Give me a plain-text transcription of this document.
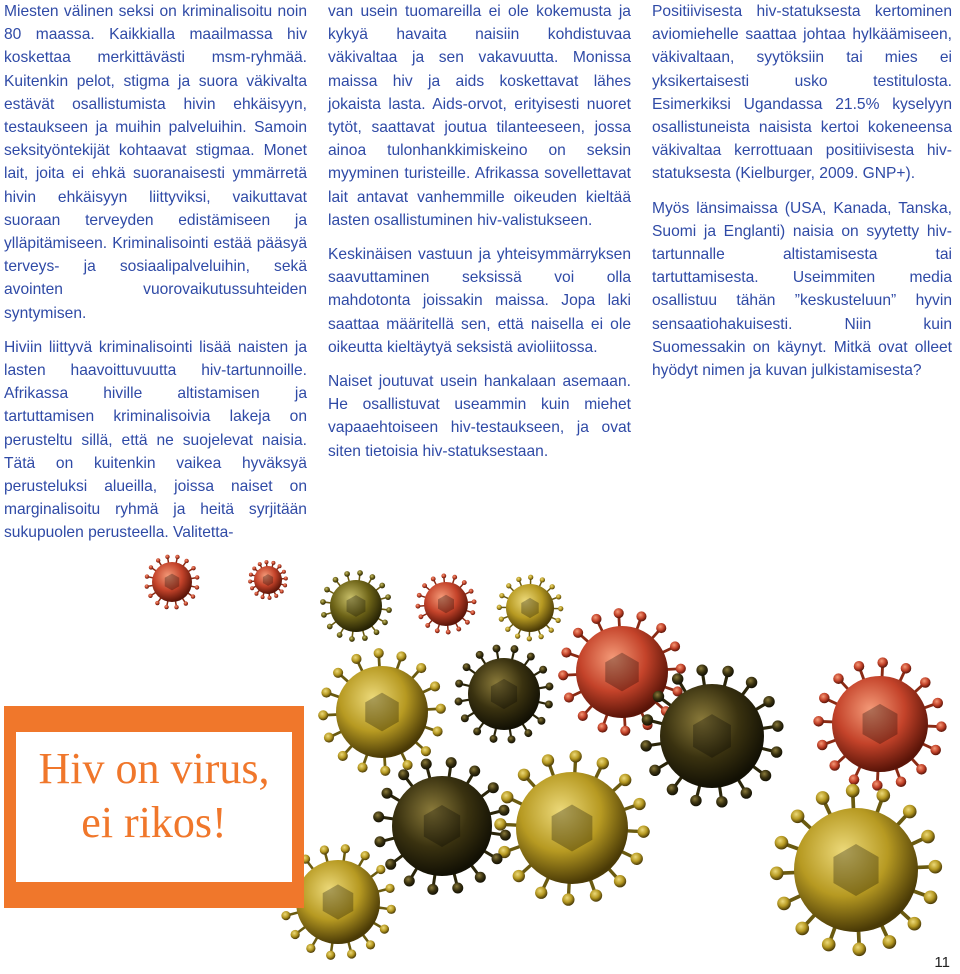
Miesten välinen seksi on kriminalisoitu noin 80 maassa. Kaikkialla maailmassa hiv koskettaa merkittävästi msm-ryhmää. Kuitenkin pelot, stigma ja suora väkivalta estävät osallistumista hivin ehkäisyyn, testaukseen ja muihin palveluihin. Samoin seksityöntekijät kohtaavat stigmaa. Monet lait, joita ei ehkä suoranaisesti ymmärretä hivin ehkäisyyn liittyviksi, vaikuttavat suoraan terveyden edistämiseen ja ylläpitämiseen. Kriminalisointi estää pääsyä terveys- ja sosiaalipalveluihin, sekä avointen vuorovaikutussuhteiden syntymisen.

Hiviin liittyvä kriminalisointi lisää naisten ja lasten haavoittuvuutta hiv-tartunnoille. Afrikassa hiville altistamisen ja tartuttamisen kriminalisoivia lakeja on perusteltu sillä, että ne suojelevat naisia. Tätä on kuitenkin vaikea hyväksyä perusteluksi alueilla, joissa naiset on marginalisoitu ryhmä ja heitä syrjitään sukupuolen perusteella. Valitetta-

van usein tuomareilla ei ole kokemusta ja kykyä havaita naisiin kohdistuvaa väkivaltaa ja sen vakavuutta. Monissa maissa hiv ja aids koskettavat lähes jokaista lasta. Aids-orvot, erityisesti nuoret tytöt, saattavat joutua tilanteeseen, jossa ainoa tulonhankkimiskeino on seksin myyminen turisteille. Afrikassa sovellettavat lait antavat vanhemmille oikeuden kieltää lasten osallistuminen hiv-valistukseen.

Keskinäisen vastuun ja yhteisymmärryksen saavuttaminen seksissä voi olla mahdotonta joissakin maissa. Jopa laki saattaa määritellä sen, että naisella ei ole oikeutta kieltäytyä seksistä avioliitossa.

Naiset joutuvat usein hankalaan asemaan. He osallistuvat useammin kuin miehet vapaaehtoiseen hiv-testaukseen, ja ovat siten tietoisia hiv-statuksestaan.

Positiivisesta hiv-statuksesta kertominen aviomiehelle saattaa johtaa hylkäämiseen, väkivaltaan, syytöksiin tai mies ei yksikertaisesti usko testitulosta. Esimerkiksi Ugandassa 21.5% kyselyyn osallistuneista naisista kertoi kokeneensa väkivaltaa kerrottuaan positiivisesta hiv-statuksesta (Kielburger, 2009. GNP+).

Myös länsimaissa (USA, Kanada, Tanska, Suomi ja Englanti) naisia on syytetty hiv-tartunnalle altistamisesta tai tartuttamisesta. Useimmiten media osallistuu tähän ”keskusteluun” hyvin sensaatiohakuisesti. Niin kuin Suomessakin on käynyt. Mitkä ovat olleet hyödyt nimen ja kuvan julkistamisesta?

Hiv on virus,
ei rikos!
11
